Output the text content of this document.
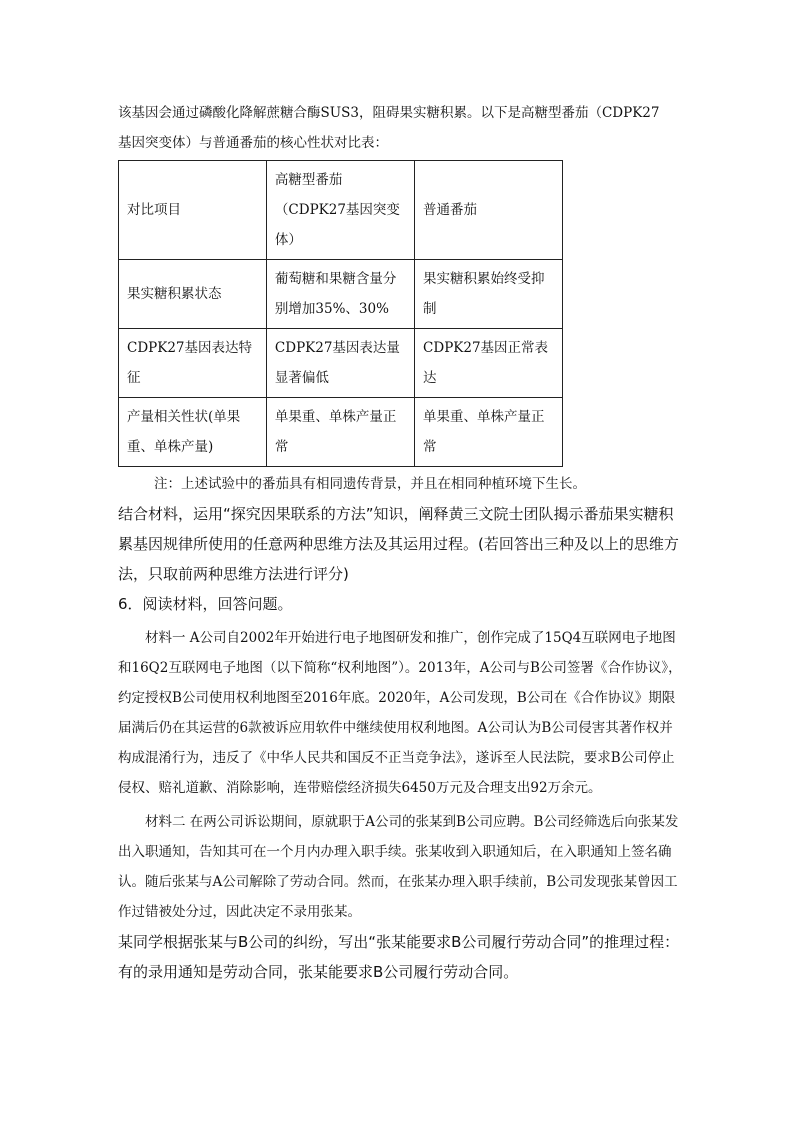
该基因会通过磷酸化降解蔗糖合酶SUS3，阻碍果实糖积累。以下是高糖型番茄（CDPK27

基因突变体）与普通番茄的核心性状对比表：

对比项目	高糖型番茄（CDPK27基因突变体）	普通番茄
果实糖积累状态	葡萄糖和果糖含量分别增加35%、30%	果实糖积累始终受抑制
CDPK27基因表达特征	CDPK27基因表达量显著偏低	CDPK27基因正常表达
产量相关性状(单果重、单株产量)	单果重、单株产量正常	单果重、单株产量正常

注：上述试验中的番茄具有相同遗传背景，并且在相同种植环境下生长。

结合材料，运用“探究因果联系的方法”知识，阐释黄三文院士团队揭示番茄果实糖积累基因规律所使用的任意两种思维方法及其运用过程。(若回答出三种及以上的思维方法，只取前两种思维方法进行评分)

6．阅读材料，回答问题。

材料一 A公司自2002年开始进行电子地图研发和推广，创作完成了15Q4互联网电子地图和16Q2互联网电子地图（以下简称“权利地图”）。2013年，A公司与B公司签署《合作协议》，约定授权B公司使用权利地图至2016年底。2020年，A公司发现，B公司在《合作协议》期限届满后仍在其运营的6款被诉应用软件中继续使用权利地图。A公司认为B公司侵害其著作权并构成混淆行为，违反了《中华人民共和国反不正当竞争法》，遂诉至人民法院，要求B公司停止侵权、赔礼道歉、消除影响，连带赔偿经济损失6450万元及合理支出92万余元。

材料二 在两公司诉讼期间，原就职于A公司的张某到B公司应聘。B公司经筛选后向张某发出入职通知，告知其可在一个月内办理入职手续。张某收到入职通知后，在入职通知上签名确认。随后张某与A公司解除了劳动合同。然而，在张某办理入职手续前，B公司发现张某曾因工作过错被处分过，因此决定不录用张某。

某同学根据张某与B公司的纠纷，写出“张某能要求B公司履行劳动合同”的推理过程：有的录用通知是劳动合同，张某能要求B公司履行劳动合同。
